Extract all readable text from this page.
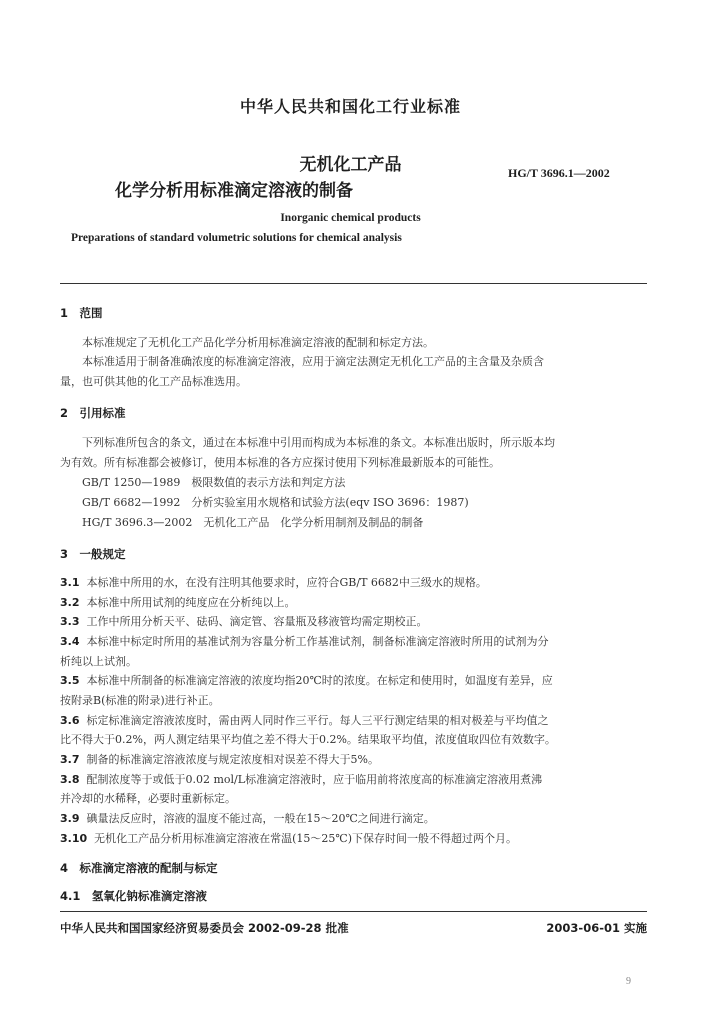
中华人民共和国化工行业标准
无机化工产品
化学分析用标准滴定溶液的制备
HG/T 3696.1—2002
Inorganic chemical products
Preparations of standard volumetric solutions for chemical analysis
1　范围
本标准规定了无机化工产品化学分析用标准滴定溶液的配制和标定方法。
本标准适用于制备准确浓度的标准滴定溶液，应用于滴定法测定无机化工产品的主含量及杂质含
量，也可供其他的化工产品标准选用。
2　引用标准
下列标准所包含的条文，通过在本标准中引用而构成为本标准的条文。本标准出版时，所示版本均
为有效。所有标准都会被修订，使用本标准的各方应探讨使用下列标准最新版本的可能性。
GB/T 1250—1989　极限数值的表示方法和判定方法
GB/T 6682—1992　分析实验室用水规格和试验方法(eqv ISO 3696：1987)
HG/T 3696.3—2002　无机化工产品　化学分析用制剂及制品的制备
3　一般规定
3.1 本标准中所用的水，在没有注明其他要求时，应符合GB/T 6682中三级水的规格。
3.2 本标准中所用试剂的纯度应在分析纯以上。
3.3 工作中所用分析天平、砝码、滴定管、容量瓶及移液管均需定期校正。
3.4 本标准中标定时所用的基准试剂为容量分析工作基准试剂，制备标准滴定溶液时所用的试剂为分
析纯以上试剂。
3.5 本标准中所制备的标准滴定溶液的浓度均指20℃时的浓度。在标定和使用时，如温度有差异，应
按附录B(标准的附录)进行补正。
3.6 标定标准滴定溶液浓度时，需由两人同时作三平行。每人三平行测定结果的相对极差与平均值之
比不得大于0.2%，两人测定结果平均值之差不得大于0.2%。结果取平均值，浓度值取四位有效数字。
3.7 制备的标准滴定溶液浓度与规定浓度相对误差不得大于5%。
3.8 配制浓度等于或低于0.02 mol/L标准滴定溶液时，应于临用前将浓度高的标准滴定溶液用煮沸
并冷却的水稀释，必要时重新标定。
3.9 碘量法反应时，溶液的温度不能过高，一般在15～20℃之间进行滴定。
3.10 无机化工产品分析用标准滴定溶液在常温(15～25℃)下保存时间一般不得超过两个月。
4　标准滴定溶液的配制与标定
4.1　氢氧化钠标准滴定溶液
中华人民共和国国家经济贸易委员会 2002-09-28 批准	2003-06-01 实施
9
